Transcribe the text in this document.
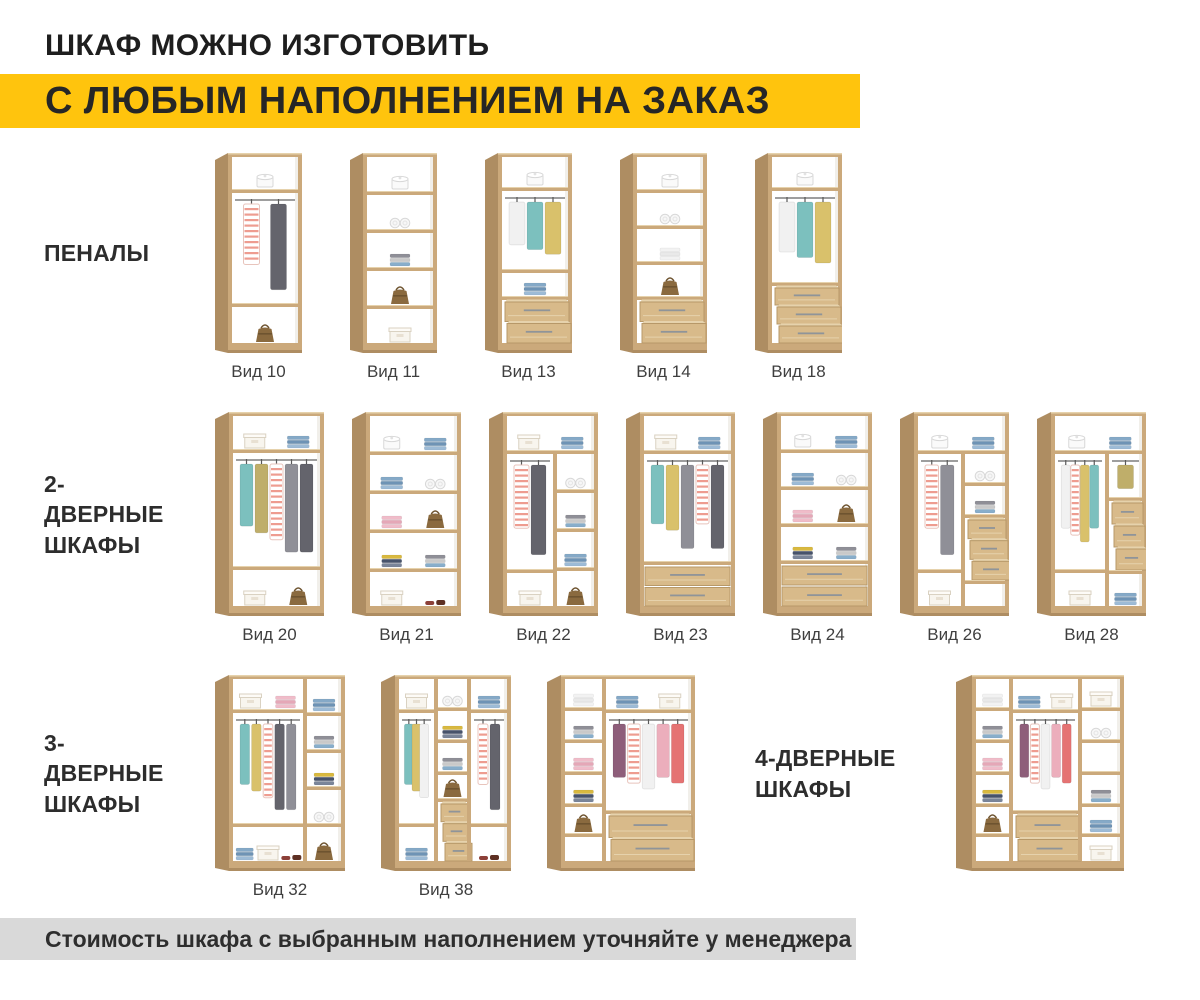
ШКАФ МОЖНО ИЗГОТОВИТЬ
С ЛЮБЫМ НАПОЛНЕНИЕМ НА ЗАКАЗ
ПЕНАЛЫ
Вид 10	Вид 11	Вид 13	Вид 14	Вид 18
2-ДВЕРНЫЕ
ШКАФЫ
Вид 20	Вид 21	Вид 22	Вид 23	Вид 24	Вид 26	Вид 28
3-ДВЕРНЫЕ
ШКАФЫ
Вид 32	Вид 38
4-ДВЕРНЫЕ
ШКАФЫ
Стоимость шкафа с выбранным наполнением уточняйте у менеджера
